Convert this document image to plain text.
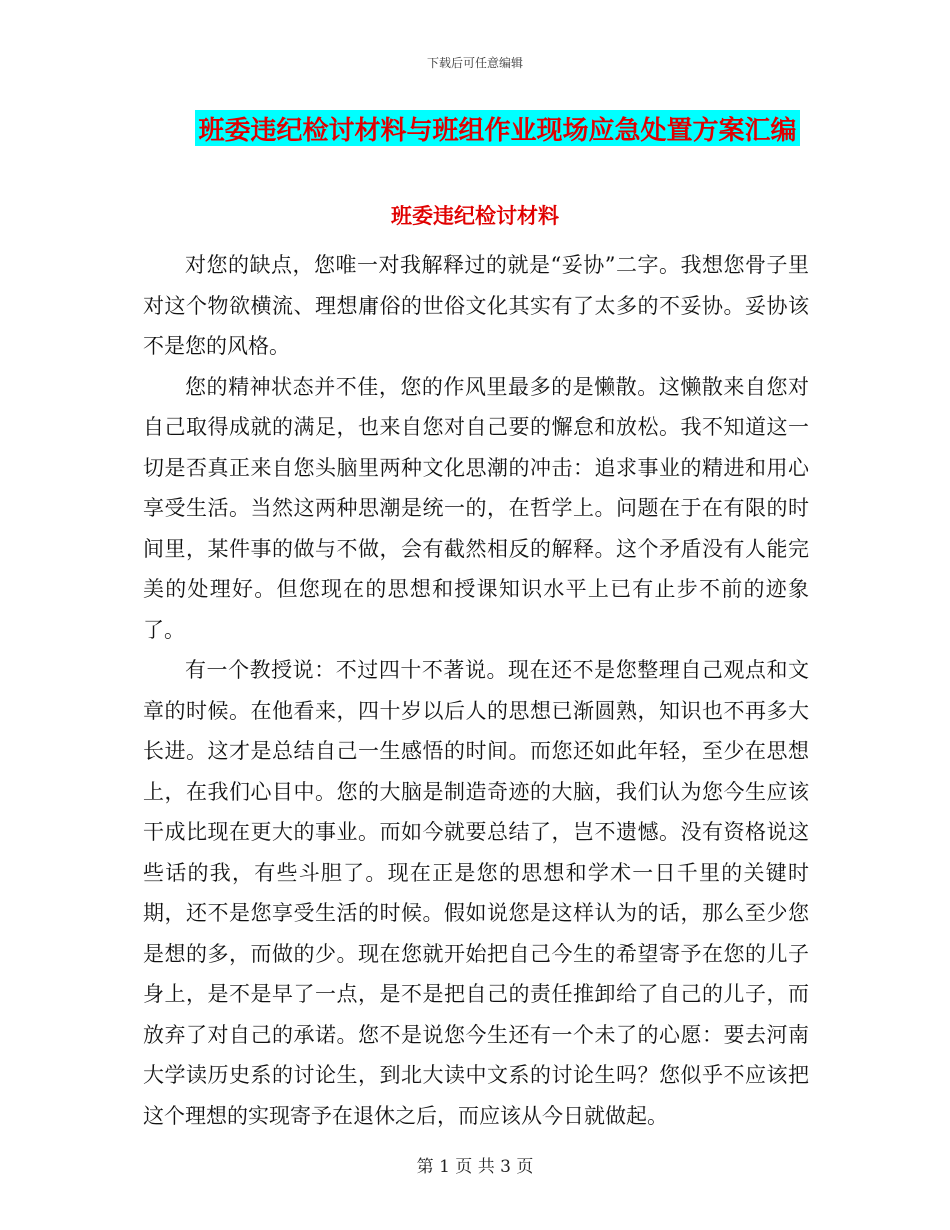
下载后可任意编辑
班委违纪检讨材料与班组作业现场应急处置方案汇编
班委违纪检讨材料

对您的缺点，您唯一对我解释过的就是“妥协”二字。我想您骨子里对这个物欲横流、理想庸俗的世俗文化其实有了太多的不妥协。妥协该不是您的风格。

您的精神状态并不佳，您的作风里最多的是懒散。这懒散来自您对自己取得成就的满足，也来自您对自己要的懈怠和放松。我不知道这一切是否真正来自您头脑里两种文化思潮的冲击：追求事业的精进和用心享受生活。当然这两种思潮是统一的，在哲学上。问题在于在有限的时间里，某件事的做与不做，会有截然相反的解释。这个矛盾没有人能完美的处理好。但您现在的思想和授课知识水平上已有止步不前的迹象了。

有一个教授说：不过四十不著说。现在还不是您整理自己观点和文章的时候。在他看来，四十岁以后人的思想已渐圆熟，知识也不再多大长进。这才是总结自己一生感悟的时间。而您还如此年轻，至少在思想上，在我们心目中。您的大脑是制造奇迹的大脑，我们认为您今生应该干成比现在更大的事业。而如今就要总结了，岂不遗憾。没有资格说这些话的我，有些斗胆了。现在正是您的思想和学术一日千里的关键时期，还不是您享受生活的时候。假如说您是这样认为的话，那么至少您是想的多，而做的少。现在您就开始把自己今生的希望寄予在您的儿子身上，是不是早了一点，是不是把自己的责任推卸给了自己的儿子，而放弃了对自己的承诺。您不是说您今生还有一个未了的心愿：要去河南大学读历史系的讨论生，到北大读中文系的讨论生吗？您似乎不应该把这个理想的实现寄予在退休之后，而应该从今日就做起。

第 1 页 共 3 页
